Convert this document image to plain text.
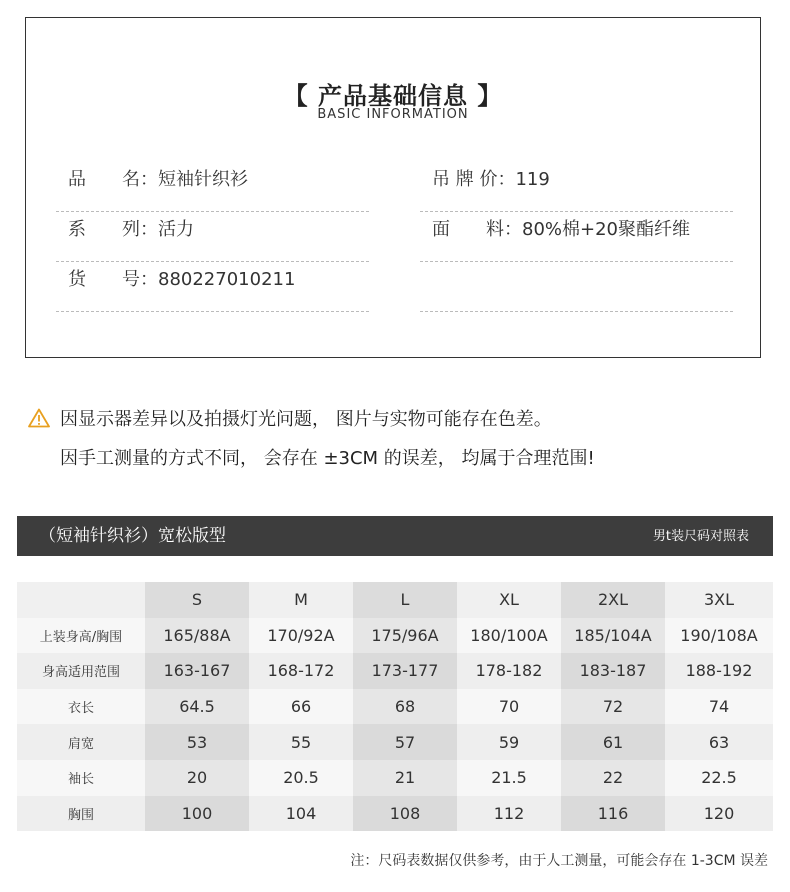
【 产品基础信息 】
BASIC INFORMATION
品　　名：短袖针织衫
系　　列：活力
货　　号：880227010211
吊 牌 价：119
面　　料：80%棉+20聚酯纤维
因显示器差异以及拍摄灯光问题， 图片与实物可能存在色差。
因手工测量的方式不同， 会存在 ±3CM 的误差， 均属于合理范围!
（短袖针织衫）宽松版型	男t装尺码对照表
	S	M	L	XL	2XL	3XL
上装身高/胸围	165/88A	170/92A	175/96A	180/100A	185/104A	190/108A
身高适用范围	163-167	168-172	173-177	178-182	183-187	188-192
衣长	64.5	66	68	70	72	74
肩宽	53	55	57	59	61	63
袖长	20	20.5	21	21.5	22	22.5
胸围	100	104	108	112	116	120
注：尺码表数据仅供参考，由于人工测量，可能会存在 1-3CM 误差
